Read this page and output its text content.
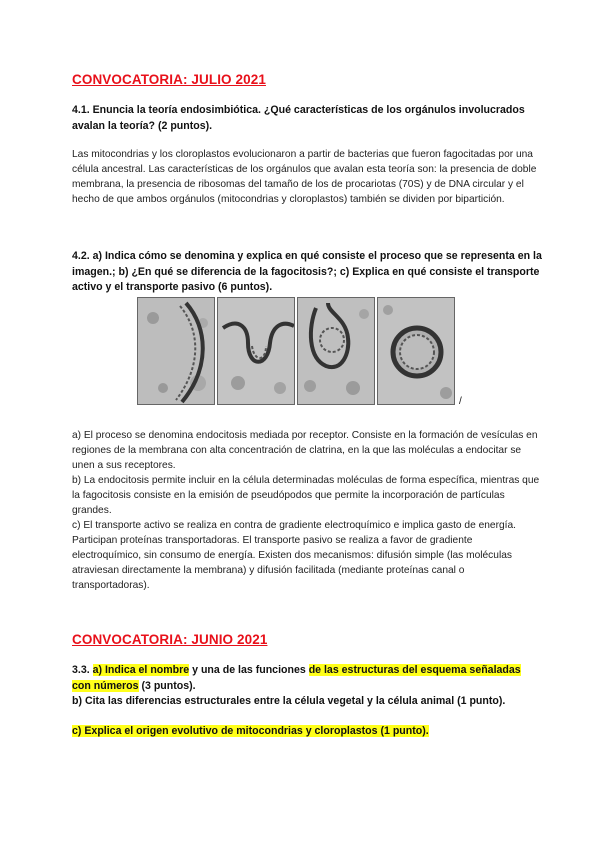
CONVOCATORIA: JULIO 2021

4.1. Enuncia la teoría endosimbiótica. ¿Qué características de los orgánulos involucrados avalan la teoría? (2 puntos).

Las mitocondrias y los cloroplastos evolucionaron a partir de bacterias que fueron fagocitadas por una célula ancestral. Las características de los orgánulos que avalan esta teoría son: la presencia de doble membrana, la presencia de ribosomas del tamaño de los de procariotas (70S) y de DNA circular y el hecho de que ambos orgánulos (mitocondrias y cloroplastos) también se dividen por bipartición.

4.2. a) Indica cómo se denomina y explica en qué consiste el proceso que se representa en la imagen.; b) ¿En qué se diferencia de la fagocitosis?; c) Explica en qué consiste el transporte activo y el transporte pasivo (6 puntos).

/

a) El proceso se denomina endocitosis mediada por receptor. Consiste en la formación de vesículas en regiones de la membrana con alta concentración de clatrina, en la que las moléculas a endocitar se unen a sus receptores.

b) La endocitosis permite incluir en la célula determinadas moléculas de forma específica, mientras que la fagocitosis consiste en la emisión de pseudópodos que permite la incorporación de partículas grandes.

c) El transporte activo se realiza en contra de gradiente electroquímico e implica gasto de energía. Participan proteínas transportadoras. El transporte pasivo se realiza a favor de gradiente electroquímico, sin consumo de energía. Existen dos mecanismos: difusión simple (las moléculas atraviesan directamente la membrana) y difusión facilitada (mediante proteínas canal o transportadoras).

CONVOCATORIA: JUNIO 2021

3.3. a) Indica el nombre y una de las funciones de las estructuras del esquema señaladas con números (3 puntos).

b) Cita las diferencias estructurales entre la célula vegetal y la célula animal (1 punto).

c) Explica el origen evolutivo de mitocondrias y cloroplastos (1 punto).
